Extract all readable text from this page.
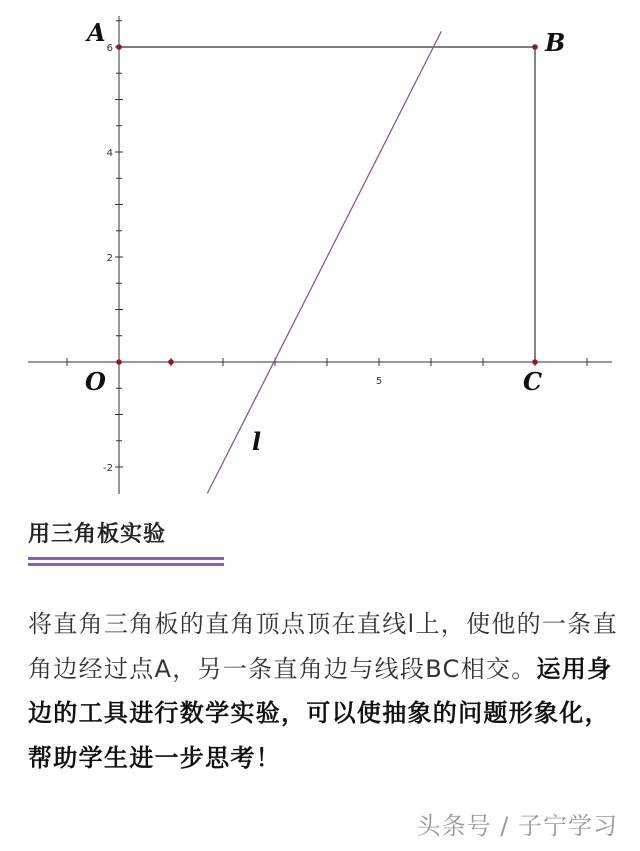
6
4
2
-2
5
A	B
C
O
l
用三角板实验
将直角三角板的直角顶点顶在直线l上，使他的一条直角边经过点A，另一条直角边与线段BC相交。运用身边的工具进行数学实验，可以使抽象的问题形象化，帮助学生进一步思考！
头条号 / 子宁学习
